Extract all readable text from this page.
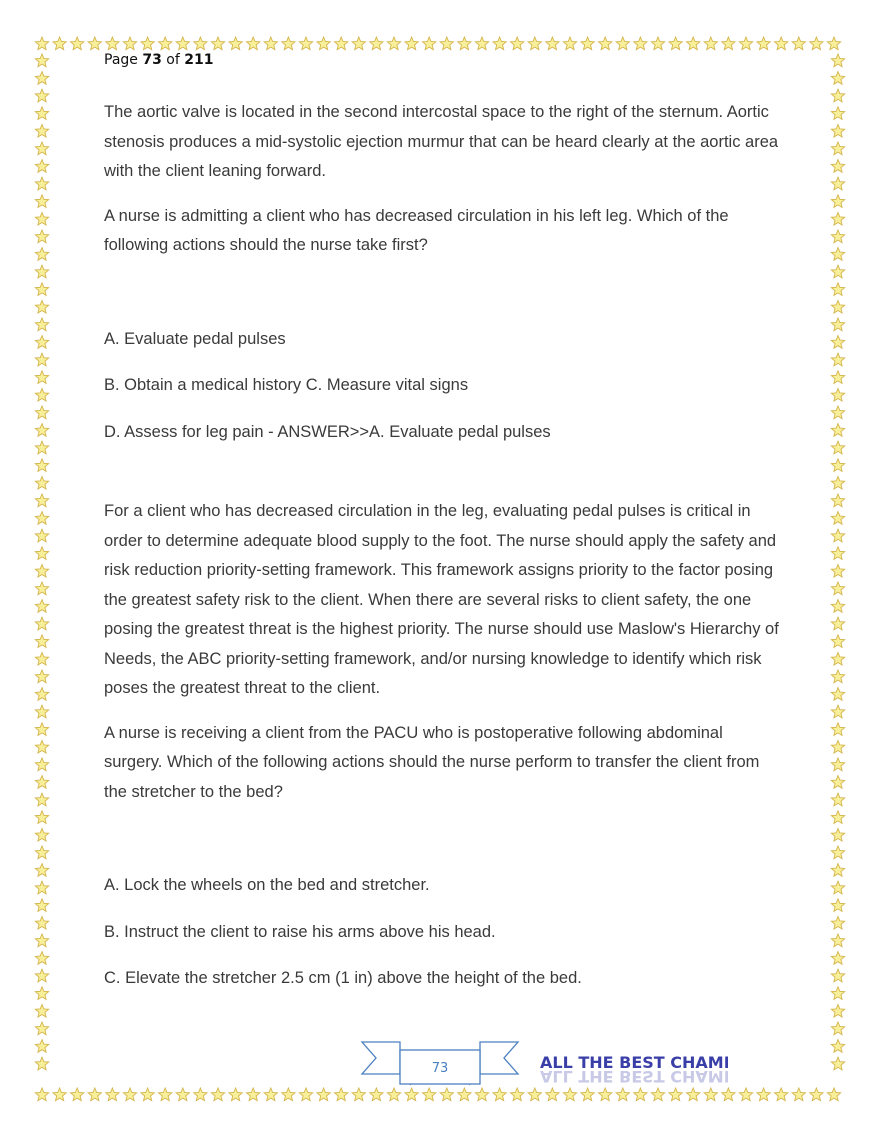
Page 73 of 211

The aortic valve is located in the second intercostal space to the right of the sternum. Aortic stenosis produces a mid-systolic ejection murmur that can be heard clearly at the aortic area with the client leaning forward.

A nurse is admitting a client who has decreased circulation in his left leg. Which of the following actions should the nurse take first?

A. Evaluate pedal pulses

B. Obtain a medical history C. Measure vital signs

D. Assess for leg pain - ANSWER>>A. Evaluate pedal pulses

For a client who has decreased circulation in the leg, evaluating pedal pulses is critical in order to determine adequate blood supply to the foot. The nurse should apply the safety and risk reduction priority-setting framework. This framework assigns priority to the factor posing the greatest safety risk to the client. When there are several risks to client safety, the one posing the greatest threat is the highest priority. The nurse should use Maslow's Hierarchy of Needs, the ABC priority-setting framework, and/or nursing knowledge to identify which risk poses the greatest threat to the client.

A nurse is receiving a client from the PACU who is postoperative following abdominal surgery. Which of the following actions should the nurse perform to transfer the client from the stretcher to the bed?

A. Lock the wheels on the bed and stretcher.

B. Instruct the client to raise his arms above his head.

C. Elevate the stretcher 2.5 cm (1 in) above the height of the bed.

73	ALL THE BEST CHAMP!
ALL THE BEST CHAMP!
